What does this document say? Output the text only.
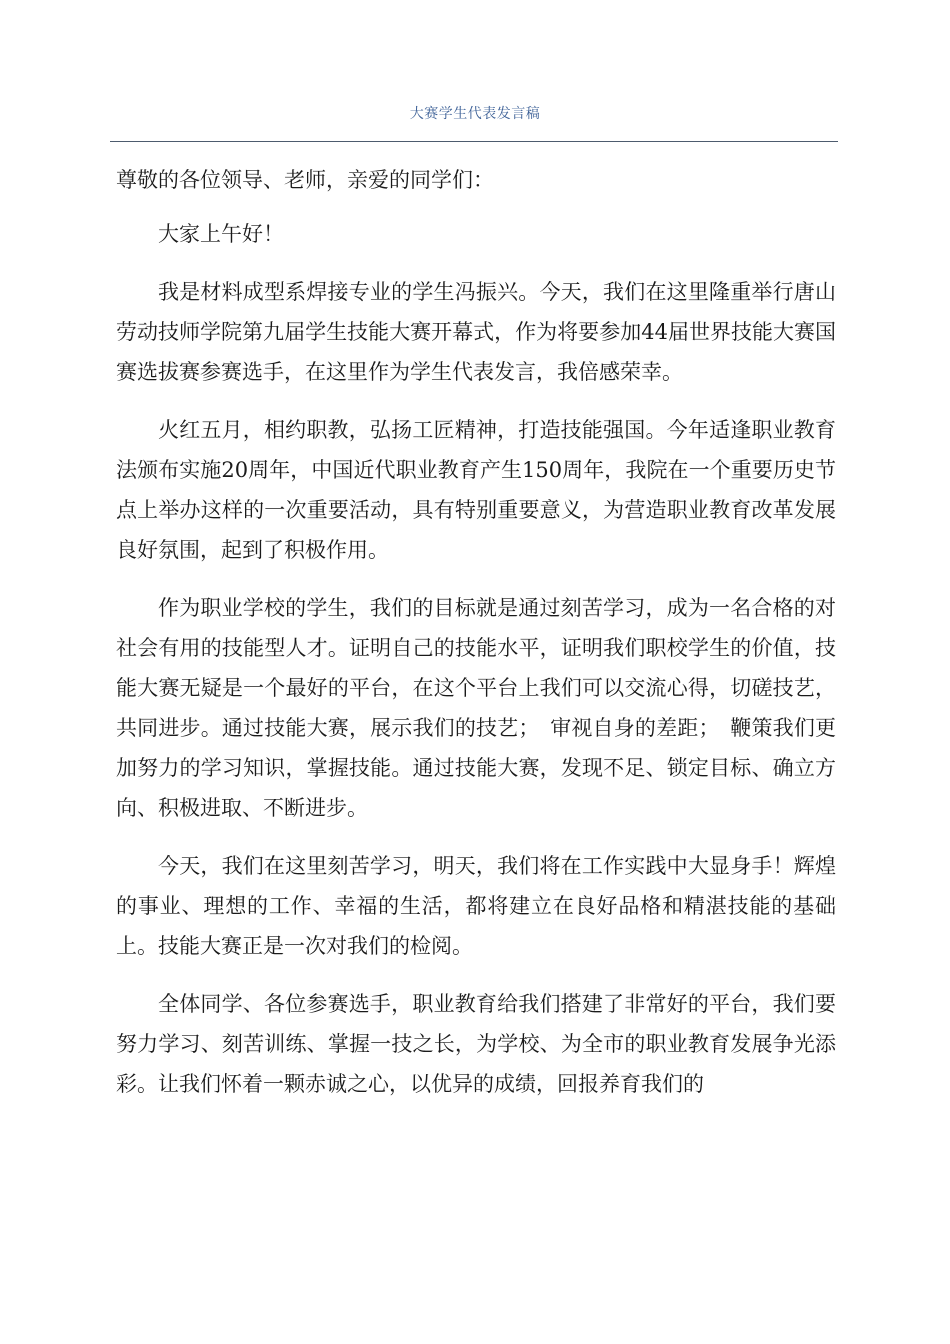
大赛学生代表发言稿

尊敬的各位领导、老师，亲爱的同学们：

大家上午好！

我是材料成型系焊接专业的学生冯振兴。今天，我们在这里隆重举行唐山劳动技师学院第九届学生技能大赛开幕式，作为将要参加44届世界技能大赛国赛选拔赛参赛选手，在这里作为学生代表发言，我倍感荣幸。

火红五月，相约职教，弘扬工匠精神，打造技能强国。今年适逢职业教育法颁布实施20周年，中国近代职业教育产生150周年，我院在一个重要历史节点上举办这样的一次重要活动，具有特别重要意义，为营造职业教育改革发展良好氛围，起到了积极作用。

作为职业学校的学生，我们的目标就是通过刻苦学习，成为一名合格的对社会有用的技能型人才。证明自己的技能水平，证明我们职校学生的价值，技能大赛无疑是一个最好的平台，在这个平台上我们可以交流心得，切磋技艺，共同进步。通过技能大赛，展示我们的技艺；　审视自身的差距；　鞭策我们更加努力的学习知识，掌握技能。通过技能大赛，发现不足、锁定目标、确立方向、积极进取、不断进步。

今天，我们在这里刻苦学习，明天，我们将在工作实践中大显身手！辉煌的事业、理想的工作、幸福的生活，都将建立在良好品格和精湛技能的基础上。技能大赛正是一次对我们的检阅。

全体同学、各位参赛选手，职业教育给我们搭建了非常好的平台，我们要努力学习、刻苦训练、掌握一技之长，为学校、为全市的职业教育发展争光添彩。让我们怀着一颗赤诚之心，以优异的成绩，回报养育我们的
